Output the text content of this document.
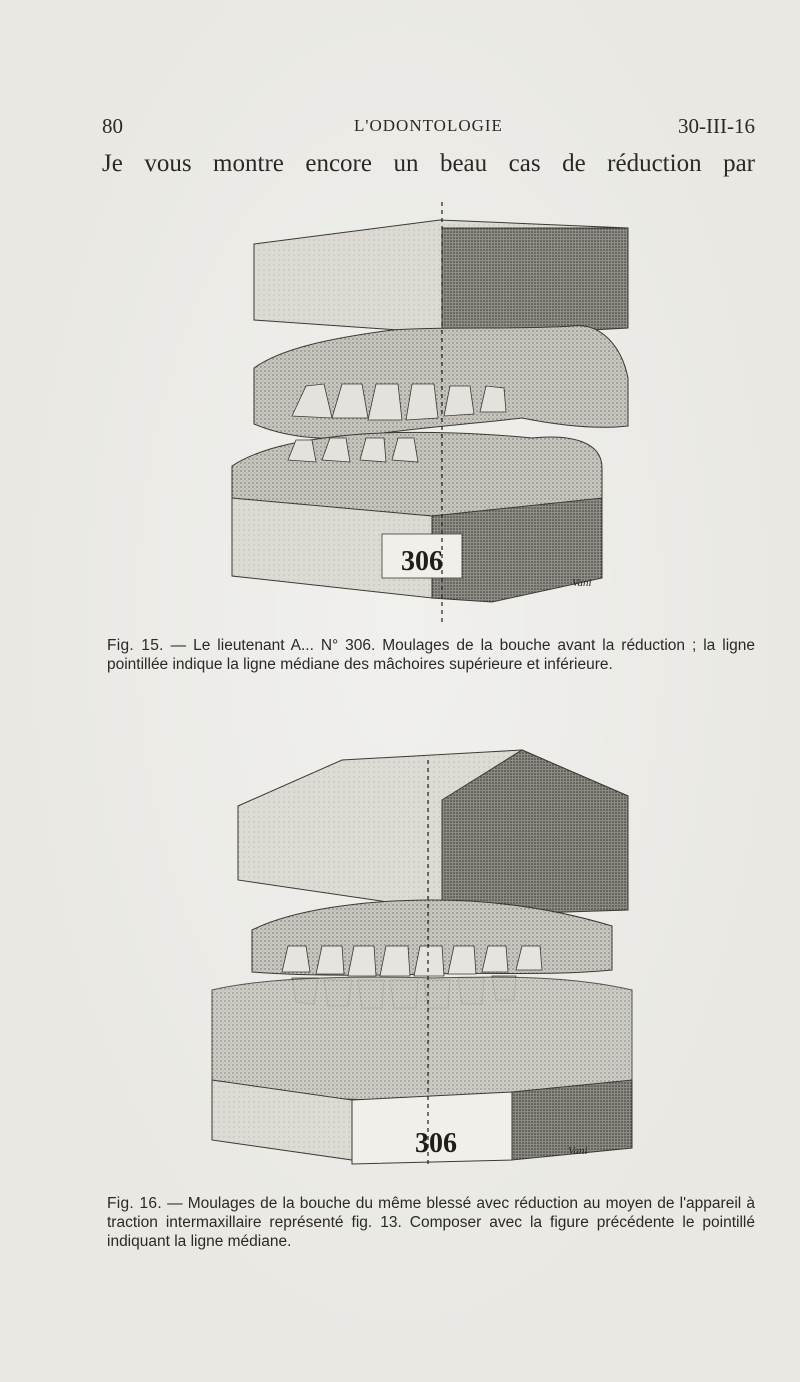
80	L'ODONTOLOGIE	30-III-16
Je vous montre encore un beau cas de réduction par
306
Vani
Fig. 15. — Le lieutenant A... N° 306. Moulages de la bouche avant la réduction ; la ligne pointillée indique la ligne médiane des mâchoires supérieure et inférieure.
306	Vani
Fig. 16. — Moulages de la bouche du même blessé avec réduction au moyen de l'appareil à traction intermaxillaire représenté fig. 13. Composer avec la figure précédente le pointillé indiquant la ligne médiane.
